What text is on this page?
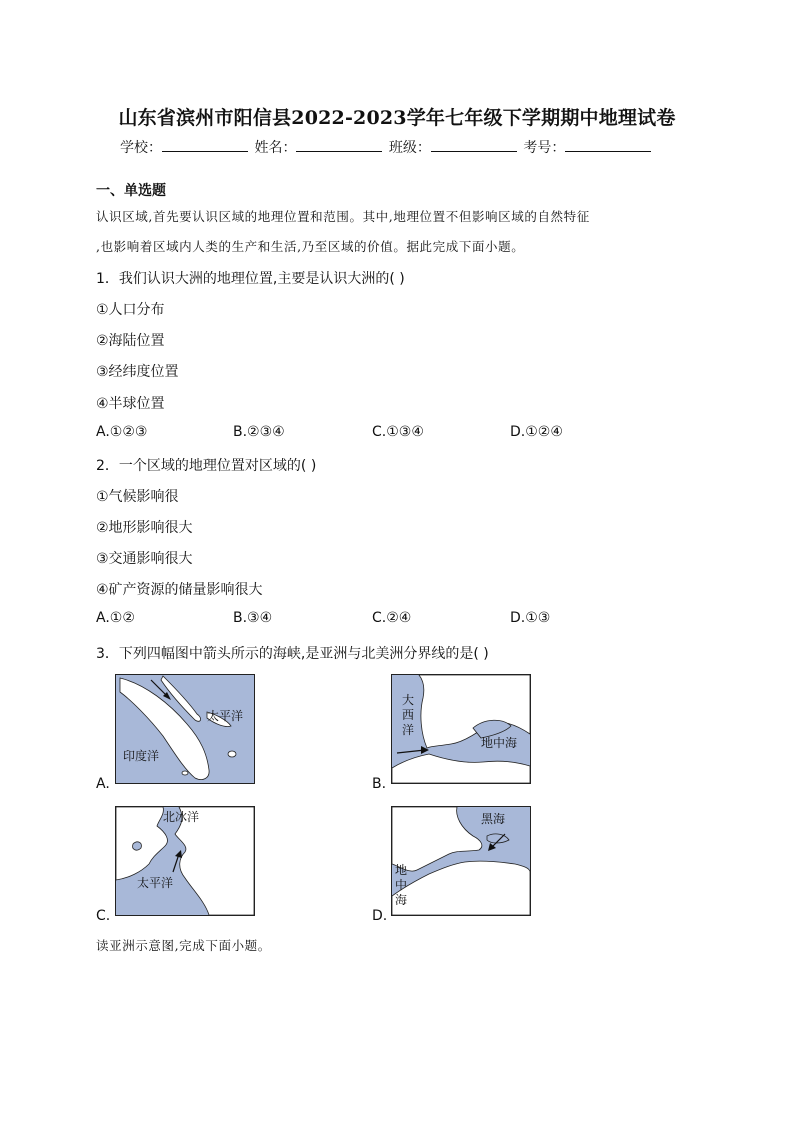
山东省滨州市阳信县2022-2023学年七年级下学期期中地理试卷
学校：	姓名：	班级：	考号：
一、单选题
认识区域,首先要认识区域的地理位置和范围。其中,地理位置不但影响区域的自然特征
,也影响着区域内人类的生产和生活,乃至区域的价值。据此完成下面小题。
1．我们认识大洲的地理位置,主要是认识大洲的( )
①人口分布
②海陆位置
③经纬度位置
④半球位置
A.①②③	B.②③④	C.①③④	D.①②④
2．一个区域的地理位置对区域的( )
①气候影响很
②地形影响很大
③交通影响很大
④矿产资源的储量影响很大
A.①②	B.③④	C.②④	D.①③
3．下列四幅图中箭头所示的海峡,是亚洲与北美洲分界线的是( )
A.
太平洋
印度洋
B.
大
西
洋
地中海
C.
北冰洋
太平洋
D.
黑海
地
中
海
读亚洲示意图,完成下面小题。
